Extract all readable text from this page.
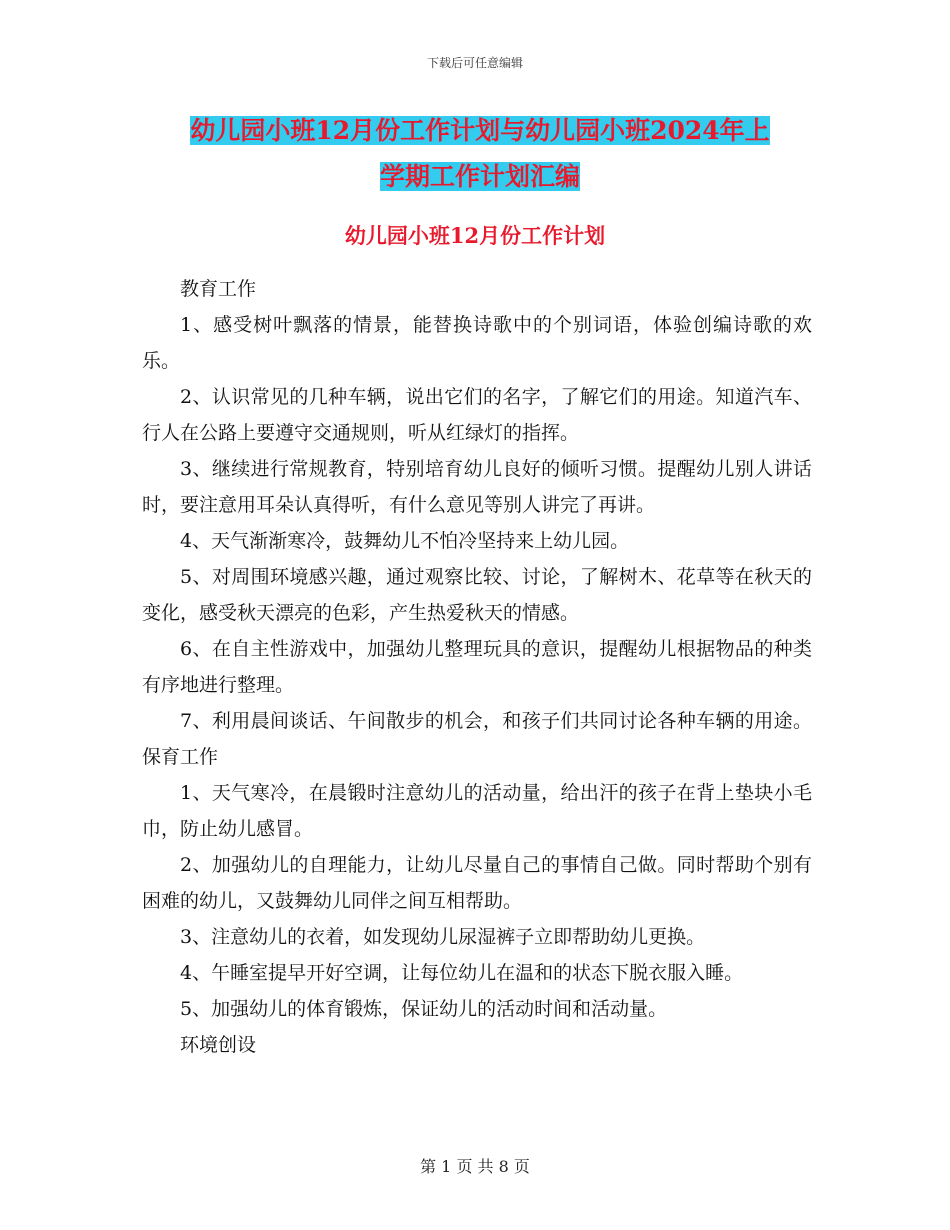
下载后可任意编辑
幼儿园小班12月份工作计划与幼儿园小班2024年上
学期工作计划汇编
幼儿园小班12月份工作计划

教育工作

1、感受树叶飘落的情景，能替换诗歌中的个别词语，体验创编诗歌的欢乐。

2、认识常见的几种车辆，说出它们的名字，了解它们的用途。知道汽车、行人在公路上要遵守交通规则，听从红绿灯的指挥。

3、继续进行常规教育，特别培育幼儿良好的倾听习惯。提醒幼儿别人讲话时，要注意用耳朵认真得听，有什么意见等别人讲完了再讲。

4、天气渐渐寒冷，鼓舞幼儿不怕冷坚持来上幼儿园。

5、对周围环境感兴趣，通过观察比较、讨论，了解树木、花草等在秋天的变化，感受秋天漂亮的色彩，产生热爱秋天的情感。

6、在自主性游戏中，加强幼儿整理玩具的意识，提醒幼儿根据物品的种类有序地进行整理。

7、利用晨间谈话、午间散步的机会，和孩子们共同讨论各种车辆的用途。保育工作

1、天气寒冷，在晨锻时注意幼儿的活动量，给出汗的孩子在背上垫块小毛巾，防止幼儿感冒。

2、加强幼儿的自理能力，让幼儿尽量自己的事情自己做。同时帮助个别有困难的幼儿，又鼓舞幼儿同伴之间互相帮助。

3、注意幼儿的衣着，如发现幼儿尿湿裤子立即帮助幼儿更换。

4、午睡室提早开好空调，让每位幼儿在温和的状态下脱衣服入睡。

5、加强幼儿的体育锻炼，保证幼儿的活动时间和活动量。

环境创设

第 1 页 共 8 页
